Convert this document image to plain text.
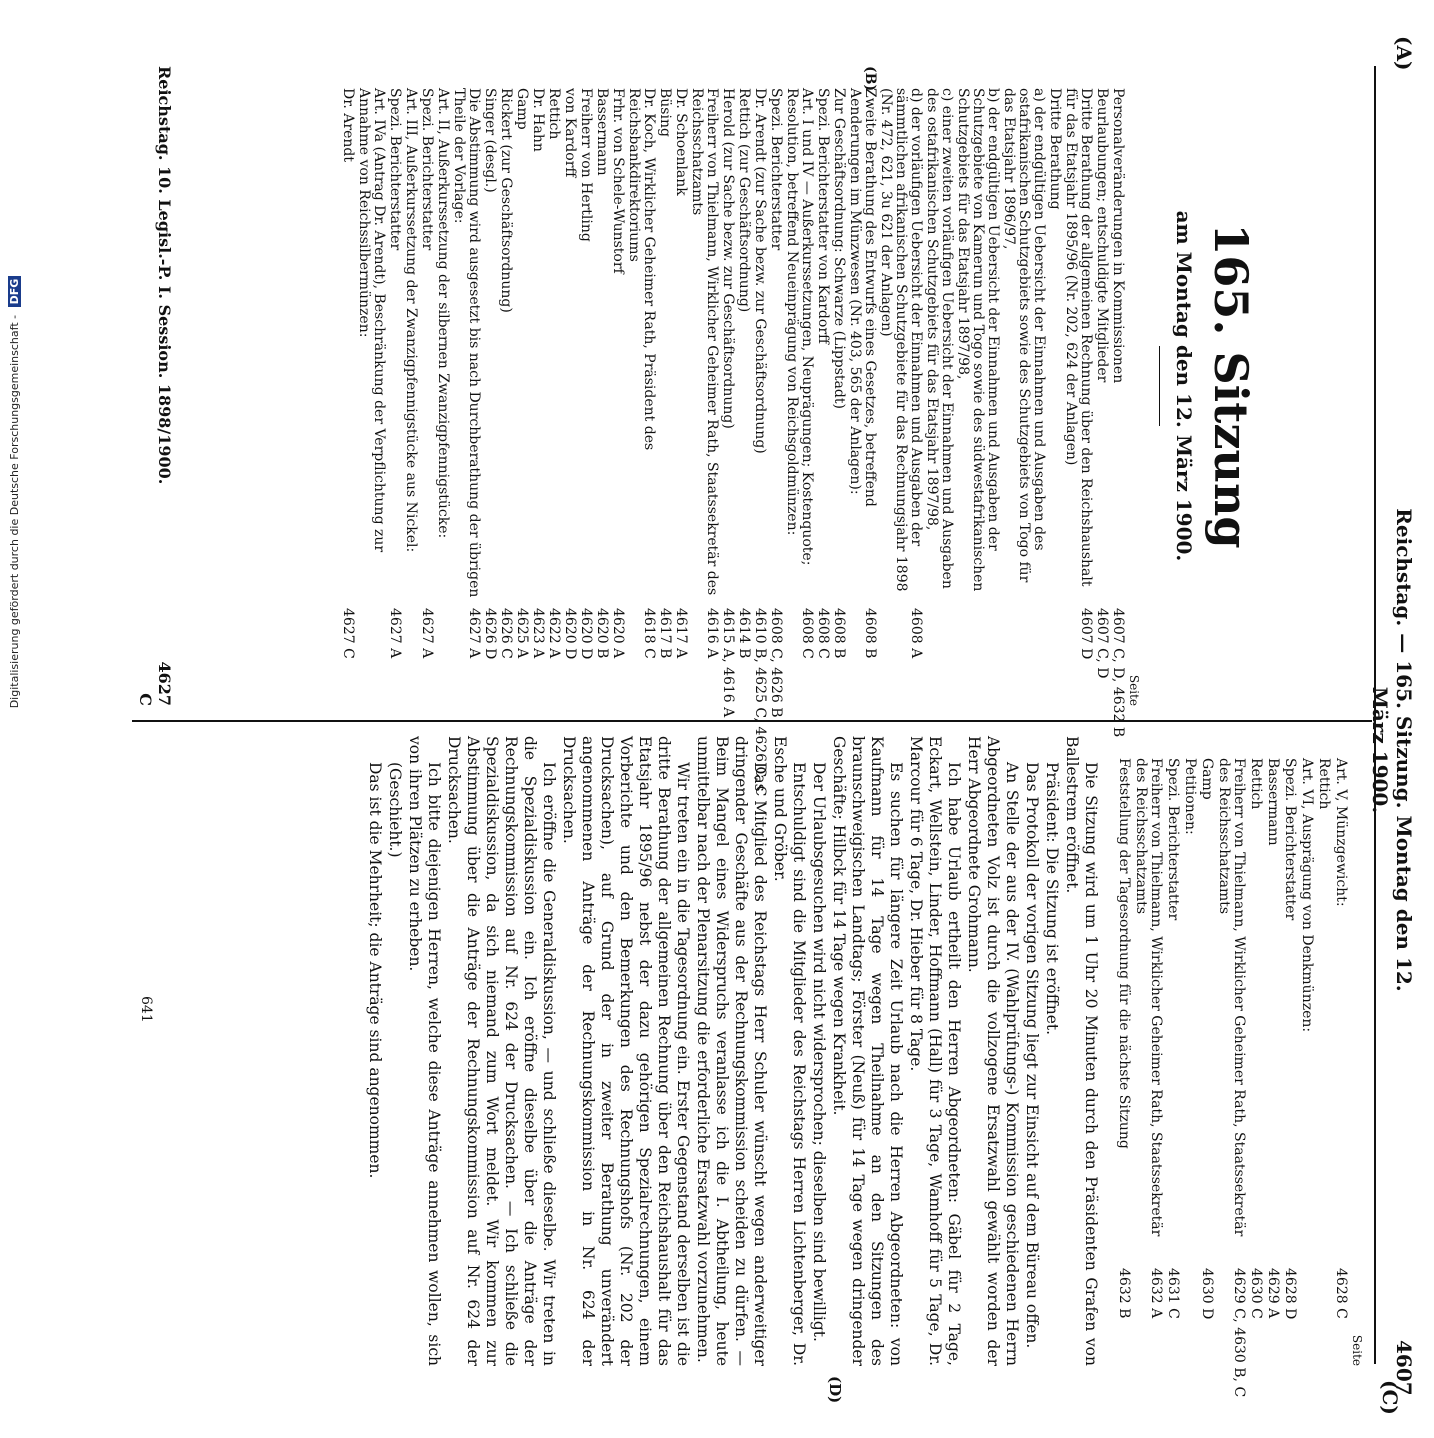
Digitalisierung gefördert durch die Deutsche Forschungsgemeinschaft - DFG
(A)
Reichstag. — 165. Sitzung. Montag den 12. März 1900.
4607
(C)
165. Sitzung
am Montag den 12. März 1900.
Seite
Personalveränderungen in Kommissionen
4607 C, D, 4632 B
Beurlaubungen; entschuldigte Mitglieder
4607 C, D
Dritte Berathung der allgemeinen Rechnung über den Reichshaushalt für das Etatsjahr 1895/96 (Nr. 202, 624 der Anlagen)
4607 D
Dritte Berathung
a) der endgültigen Uebersicht der Einnahmen und Ausgaben des ostafrikanischen Schutzgebiets sowie des Schutzgebiets von Togo für das Etatsjahr 1896/97,
b) der endgültigen Uebersicht der Einnahmen und Ausgaben der Schutzgebiete von Kamerun und Togo sowie des südwestafrikanischen Schutzgebiets für das Etatsjahr 1897/98,
c) einer zweiten vorläufigen Uebersicht der Einnahmen und Ausgaben des ostafrikanischen Schutzgebiets für das Etatsjahr 1897/98,
d) der vorläufigen Uebersicht der Einnahmen und Ausgaben der sämmtlichen afrikanischen Schutzgebiete für das Rechnungsjahr 1898 (Nr. 472, 621, 3u 621 der Anlagen)
4608 A
(B)
Zweite Berathung des Entwurfs eines Gesetzes, betreffend Aenderungen im Münzwesen (Nr. 403, 565 der Anlagen):
4608 B
Zur Geschäftsordnung: Schwarze (Lippstadt)
4608 B
Spezi. Berichterstatter von Kardorff
4608 C
Art. I und IV — Außerkurssetzungen, Neuprägungen; Kostenquote; Resolution, betreffend Neueinprägung von Reichsgoldmünzen:
4608 C
Spezi. Berichterstatter
4608 C, 4626 B
Dr. Arendt (zur Sache bezw. zur Geschäftsordnung)
4610 B, 4625 C, 4626 C, C
Rettich (zur Geschäftsordnung)
4614 B
Herold (zur Sache bezw. zur Geschäftsordnung)
4615 A, 4616 A
Freiherr von Thielmann, Wirklicher Geheimer Rath, Staatssekretär des Reichsschatzamts
4616 A
Dr. Schoenlank
4617 A
Büsing
4617 B
Dr. Koch, Wirklicher Geheimer Rath, Präsident des Reichsbankdirektoriums
4618 C
Frhr. von Schele-Wunstorf
4620 A
Bassermann
4620 B
Freiherr von Hertling
4620 D
von Kardorff
4620 D
Rettich
4622 A
Dr. Hahn
4623 A
Gamp
4625 A
Rickert (zur Geschäftsordnung)
4626 C
Singer (desgl.)
4626 D
Die Abstimmung wird ausgesetzt bis nach Durchberathung der übrigen Theile der Vorlage:
4627 A
Art. II, Außerkurssetzung der silbernen Zwanzigpfennigstücke:
Spezi. Berichterstatter
4627 A
Art. III, Außerkurssetzung der Zwanzigpfennigstücke aus Nickel:
Spezi. Berichterstatter
4627 A
Art. IVa (Antrag Dr. Arendt), Beschränkung der Verpflichtung zur Annahme von Reichssilbermünzen:
Dr. Arendt
4627 C
Reichstag. 10. Legisl.-P. I. Session. 1898/1900.
4627 C
Seite
Art. V, Münzgewicht:
4628 C
Rettich
Art. VI, Ausprägung von Denkmünzen:
Spezi. Berichterstatter
4628 D
Bassermann
4629 A
Rettich
4630 C
Freiherr von Thielmann, Wirklicher Geheimer Rath, Staatssekretär des Reichsschatzamts
4629 C, 4630 B, C
Gamp
4630 D
Petitionen:
Spezi. Berichterstatter
4631 C
Freiherr von Thielmann, Wirklicher Geheimer Rath, Staatssekretär des Reichsschatzamts
4632 A
Feststellung der Tagesordnung für die nächste Sitzung
4632 B

Die Sitzung wird um 1 Uhr 20 Minuten durch den Präsidenten Grafen von Ballestrem eröffnet.

Präsident: Die Sitzung ist eröffnet.

Das Protokoll der vorigen Sitzung liegt zur Einsicht auf dem Büreau offen.

An Stelle der aus der IV. (Wahlprüfungs-) Kommission geschiedenen Herrn Abgeordneten Volz ist durch die vollzogene Ersatzwahl gewählt worden der Herr Abgeordnete Grohmann.

Ich habe Urlaub ertheilt den Herren Abgeordneten: Gäbel für 2 Tage, Eckart, Wellstein, Linder, Hoffmann (Hall) für 3 Tage, Wamhoff für 5 Tage, Dr. Marcour für 6 Tage, Dr. Hieber für 8 Tage.

Es suchen für längere Zeit Urlaub nach die Herren Abgeordneten: von Kaufmann für 14 Tage wegen Theilnahme an den Sitzungen des braunschweigischen Landtags; Förster (Neuß) für 14 Tage wegen dringender Geschäfte; Hilbck für 14 Tage wegen Krankheit.

Der Urlaubsgesuchen wird nicht widersprochen; dieselben sind bewilligt.

Entschuldigt sind die Mitglieder des Reichstags Herren Lichtenberger, Dr. Esche und Gröber.

Das Mitglied des Reichstags Herr Schuler wünscht wegen anderweitiger dringender Geschäfte aus der Rechnungskommission scheiden zu dürfen. — Beim Mangel eines Widerspruchs veranlasse ich die I. Abtheilung, heute unmittelbar nach der Plenarsitzung die erforderliche Ersatzwahl vorzunehmen.

Wir treten ein in die Tagesordnung ein. Erster Gegenstand derselben ist die dritte Berathung der allgemeinen Rechnung über den Reichshaushalt für das Etatsjahr 1895/96 nebst der dazu gehörigen Spezialrechnungen, einem Vorberichte und den Bemerkungen des Rechnungshofs (Nr. 202 der Drucksachen), auf Grund der in zweiter Berathung unverändert angenommenen Anträge der Rechnungskommission in Nr. 624 der Drucksachen.

Ich eröffne die Generaldiskussion, — und schließe dieselbe. Wir treten in die Spezialdiskussion ein. Ich eröffne dieselbe über die Anträge der Rechnungskommission auf Nr. 624 der Drucksachen. — Ich schließe die Spezialdiskussion, da sich niemand zum Wort meldet. Wir kommen zur Abstimmung über die Anträge der Rechnungskommission auf Nr. 624 der Drucksachen.

Ich bitte diejenigen Herren, welche diese Anträge annehmen wollen, sich von ihren Plätzen zu erheben.

(Geschieht.)

Das ist die Mehrheit; die Anträge sind angenommen.

(D)
641
